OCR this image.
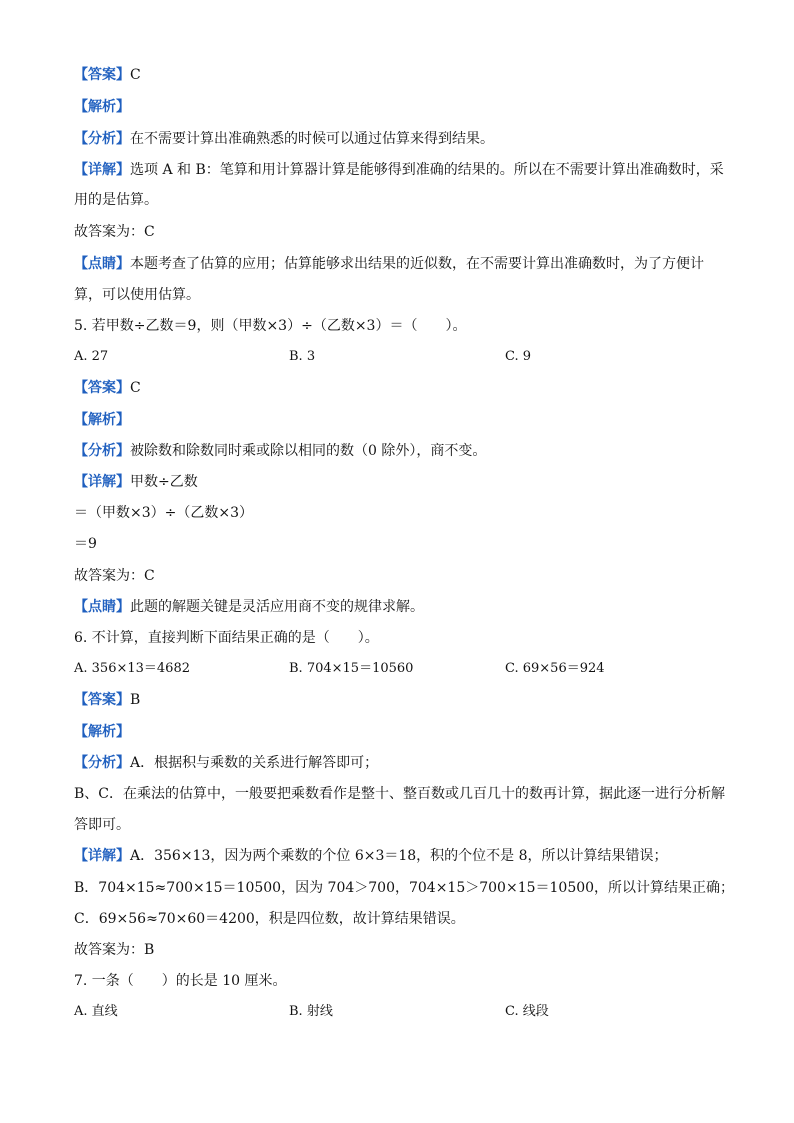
【答案】C
【解析】
【分析】在不需要计算出准确熟悉的时候可以通过估算来得到结果。
【详解】选项 A 和 B：笔算和用计算器计算是能够得到准确的结果的。所以在不需要计算出准确数时，采
用的是估算。
故答案为：C
【点睛】本题考查了估算的应用；估算能够求出结果的近似数，在不需要计算出准确数时，为了方便计
算，可以使用估算。
5. 若甲数÷乙数＝9，则（甲数×3）÷（乙数×3）＝（　　）。
A. 27	B. 3	C. 9
【答案】C
【解析】
【分析】被除数和除数同时乘或除以相同的数（0 除外），商不变。
【详解】甲数÷乙数
＝（甲数×3）÷（乙数×3）
＝9
故答案为：C
【点睛】此题的解题关键是灵活应用商不变的规律求解。
6. 不计算，直接判断下面结果正确的是（　　）。
A. 356×13＝4682	B. 704×15＝10560	C. 69×56＝924
【答案】B
【解析】
【分析】A．根据积与乘数的关系进行解答即可；
B、C．在乘法的估算中，一般要把乘数看作是整十、整百数或几百几十的数再计算，据此逐一进行分析解
答即可。
【详解】A．356×13，因为两个乘数的个位 6×3＝18，积的个位不是 8，所以计算结果错误；
B．704×15≈700×15＝10500，因为 704＞700，704×15＞700×15＝10500，所以计算结果正确；
C．69×56≈70×60＝4200，积是四位数，故计算结果错误。
故答案为：B
7. 一条（　　）的长是 10 厘米。
A. 直线	B. 射线	C. 线段
